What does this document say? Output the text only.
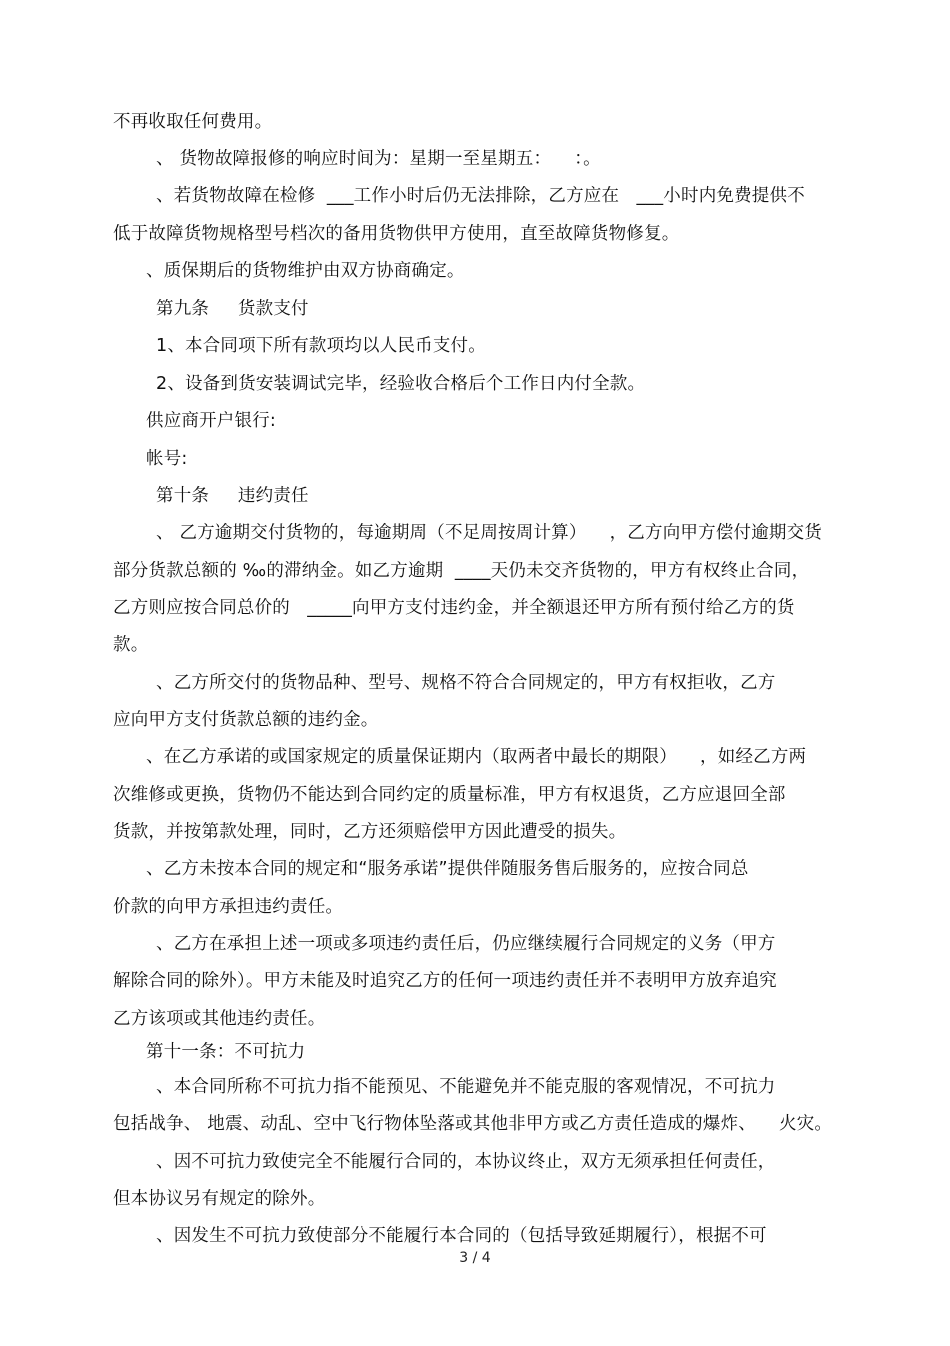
不再收取任何费用。
、 货物故障报修的响应时间为：星期一至星期五：    ：。
、若货物故障在检修  ___工作小时后仍无法排除，乙方应在   ___小时内免费提供不
低于故障货物规格型号档次的备用货物供甲方使用，直至故障货物修复。
、质保期后的货物维护由双方协商确定。
第九条     货款支付
1、本合同项下所有款项均以人民币支付。
2、设备到货安装调试完毕，经验收合格后个工作日内付全款。
供应商开户银行:
帐号:
第十条     违约责任
、 乙方逾期交付货物的，每逾期周（不足周按周计算）    ，乙方向甲方偿付逾期交货
部分货款总额的 ‰的滞纳金。如乙方逾期  ____天仍未交齐货物的，甲方有权终止合同，
乙方则应按合同总价的   _____向甲方支付违约金，并全额退还甲方所有预付给乙方的货
款。
、乙方所交付的货物品种、型号、规格不符合合同规定的，甲方有权拒收，乙方
应向甲方支付货款总额的违约金。
、在乙方承诺的或国家规定的质量保证期内（取两者中最长的期限）    ，如经乙方两
次维修或更换，货物仍不能达到合同约定的质量标准，甲方有权退货，乙方应退回全部
货款，并按第款处理，同时，乙方还须赔偿甲方因此遭受的损失。
、乙方未按本合同的规定和“服务承诺”提供伴随服务售后服务的，应按合同总
价款的向甲方承担违约责任。
、乙方在承担上述一项或多项违约责任后，仍应继续履行合同规定的义务（甲方
解除合同的除外）。甲方未能及时追究乙方的任何一项违约责任并不表明甲方放弃追究
乙方该项或其他违约责任。
第十一条：不可抗力
、本合同所称不可抗力指不能预见、不能避免并不能克服的客观情况，不可抗力
包括战争、 地震、动乱、空中飞行物体坠落或其他非甲方或乙方责任造成的爆炸、    火灾。
、因不可抗力致使完全不能履行合同的，本协议终止，双方无须承担任何责任，
但本协议另有规定的除外。
、因发生不可抗力致使部分不能履行本合同的（包括导致延期履行），根据不可
3 / 4
